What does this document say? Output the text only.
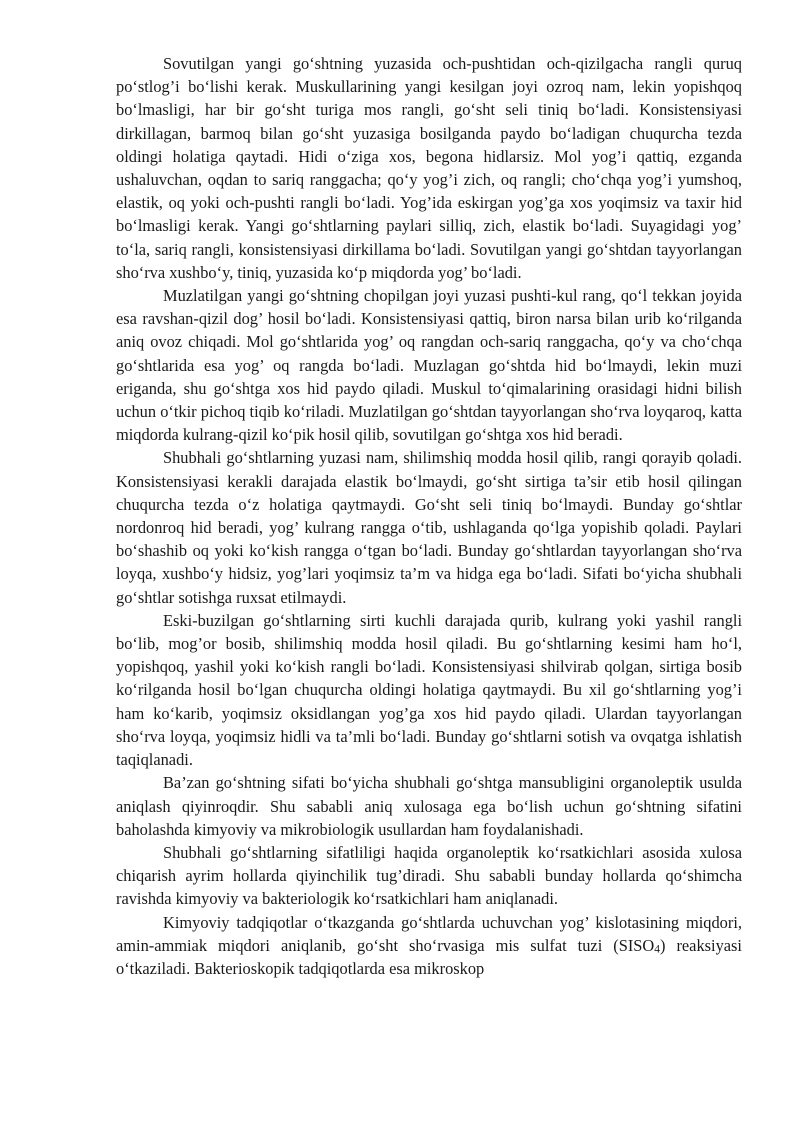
Sovutilgan yangi go‘shtning yuzasida och-pushtidan och-qizilgacha rangli quruq po‘stlog’i bo‘lishi kerak. Muskullarining yangi kesilgan joyi ozroq nam, lekin yopishqoq bo‘lmasligi, har bir go‘sht turiga mos rangli, go‘sht seli tiniq bo‘ladi. Konsistensiyasi dirkillagan, barmoq bilan go‘sht yuzasiga bosilganda paydo bo‘ladigan chuqurcha tezda oldingi holatiga qaytadi. Hidi o‘ziga xos, begona hidlarsiz. Mol yog’i qattiq, ezganda ushaluvchan, oqdan to sariq ranggacha; qo‘y yog’i zich, oq rangli; cho‘chqa yog’i yumshoq, elastik, oq yoki och-pushti rangli bo‘ladi. Yog’ida eskirgan yog’ga xos yoqimsiz va taxir hid bo‘lmasligi kerak. Yangi go‘shtlarning paylari silliq, zich, elastik bo‘ladi. Suyagidagi yog’ to‘la, sariq rangli, konsistensiyasi dirkillama bo‘ladi. Sovutilgan yangi go‘shtdan tayyorlangan sho‘rva xushbo‘y, tiniq, yuzasida ko‘p miqdorda yog’ bo‘ladi.

Muzlatilgan yangi go‘shtning chopilgan joyi yuzasi pushti-kul rang, qo‘l tekkan joyida esa ravshan-qizil dog’ hosil bo‘ladi. Konsistensiyasi qattiq, biron narsa bilan urib ko‘rilganda aniq ovoz chiqadi. Mol go‘shtlarida yog’ oq rangdan och-sariq ranggacha, qo‘y va cho‘chqa go‘shtlarida esa yog’ oq rangda bo‘ladi. Muzlagan go‘shtda hid bo‘lmaydi, lekin muzi eriganda, shu go‘shtga xos hid paydo qiladi. Muskul to‘qimalarining orasidagi hidni bilish uchun o‘tkir pichoq tiqib ko‘riladi. Muzlatilgan go‘shtdan tayyorlangan sho‘rva loyqaroq, katta miqdorda kulrang-qizil ko‘pik hosil qilib, sovutilgan go‘shtga xos hid beradi.

Shubhali go‘shtlarning yuzasi nam, shilimshiq modda hosil qilib, rangi qorayib qoladi. Konsistensiyasi kerakli darajada elastik bo‘lmaydi, go‘sht sirtiga ta’sir etib hosil qilingan chuqurcha tezda o‘z holatiga qaytmaydi. Go‘sht seli tiniq bo‘lmaydi. Bunday go‘shtlar nordonroq hid beradi, yog’ kulrang rangga o‘tib, ushlaganda qo‘lga yopishib qoladi. Paylari bo‘shashib oq yoki ko‘kish rangga o‘tgan bo‘ladi. Bunday go‘shtlardan tayyorlangan sho‘rva loyqa, xushbo‘y hidsiz, yog’lari yoqimsiz ta’m va hidga ega bo‘ladi. Sifati bo‘yicha shubhali go‘shtlar sotishga ruxsat etilmaydi.

Eski-buzilgan go‘shtlarning sirti kuchli darajada qurib, kulrang yoki yashil rangli bo‘lib, mog’or bosib, shilimshiq modda hosil qiladi. Bu go‘shtlarning kesimi ham ho‘l, yopishqoq, yashil yoki ko‘kish rangli bo‘ladi. Konsistensiyasi shilvirab qolgan, sirtiga bosib ko‘rilganda hosil bo‘lgan chuqurcha oldingi holatiga qaytmaydi. Bu xil go‘shtlarning yog’i ham ko‘karib, yoqimsiz oksidlangan yog’ga xos hid paydo qiladi. Ulardan tayyorlangan sho‘rva loyqa, yoqimsiz hidli va ta’mli bo‘ladi. Bunday go‘shtlarni sotish va ovqatga ishlatish taqiqlanadi.

Ba’zan go‘shtning sifati bo‘yicha shubhali go‘shtga mansubligini organoleptik usulda aniqlash qiyinroqdir. Shu sababli aniq xulosaga ega bo‘lish uchun go‘shtning sifatini baholashda kimyoviy va mikrobiologik usullardan ham foydalanishadi.

Shubhali go‘shtlarning sifatliligi haqida organoleptik ko‘rsatkichlari asosida xulosa chiqarish ayrim hollarda qiyinchilik tug’diradi. Shu sababli bunday hollarda qo‘shimcha ravishda kimyoviy va bakteriologik ko‘rsatkichlari ham aniqlanadi.

Kimyoviy tadqiqotlar o‘tkazganda go‘shtlarda uchuvchan yog’ kislotasining miqdori, amin-ammiak miqdori aniqlanib, go‘sht sho‘rvasiga mis sulfat tuzi (SISO4) reaksiyasi o‘tkaziladi. Bakterioskopik tadqiqotlarda esa mikroskop
